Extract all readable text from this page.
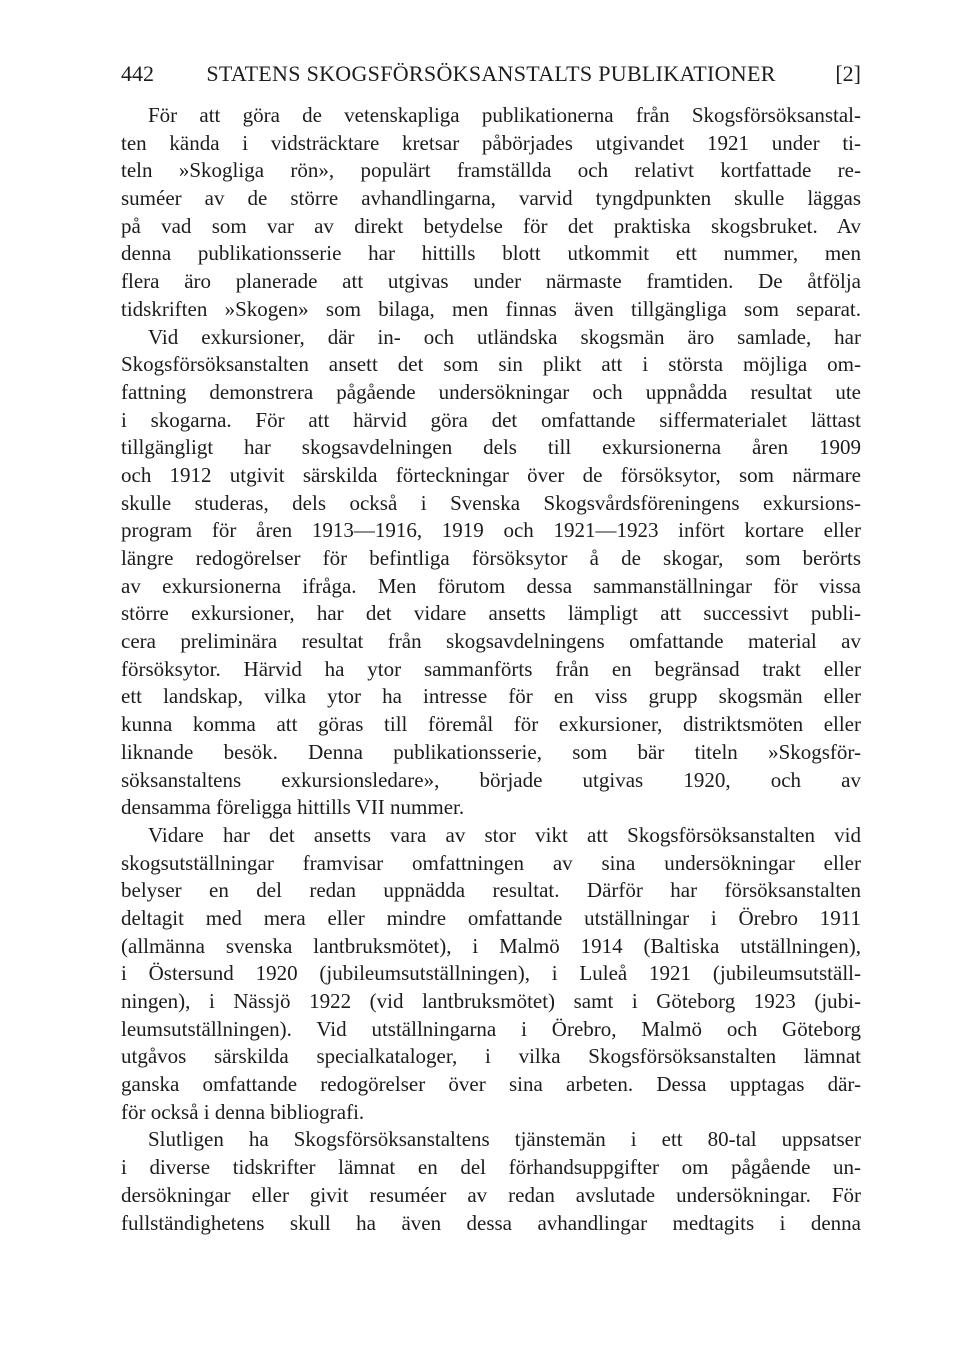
442	STATENS SKOGSFÖRSÖKSANSTALTS PUBLIKATIONER	[2]
För att göra de vetenskapliga publikationerna från Skogsförsöksanstal-
ten kända i vidsträcktare kretsar påbörjades utgivandet 1921 under ti-
teln »Skogliga rön», populärt framställda och relativt kortfattade re-
suméer av de större avhandlingarna, varvid tyngdpunkten skulle läggas
på vad som var av direkt betydelse för det praktiska skogsbruket. Av
denna publikationsserie har hittills blott utkommit ett nummer, men
flera äro planerade att utgivas under närmaste framtiden. De åtfölja
tidskriften »Skogen» som bilaga, men finnas även tillgängliga som separat.
Vid exkursioner, där in- och utländska skogsmän äro samlade, har
Skogsförsöksanstalten ansett det som sin plikt att i största möjliga om-
fattning demonstrera pågående undersökningar och uppnådda resultat ute
i skogarna. För att härvid göra det omfattande siffermaterialet lättast
tillgängligt har skogsavdelningen dels till exkursionerna åren 1909
och 1912 utgivit särskilda förteckningar över de försöksytor, som närmare
skulle studeras, dels också i Svenska Skogsvårdsföreningens exkursions-
program för åren 1913—1916, 1919 och 1921—1923 infört kortare eller
längre redogörelser för befintliga försöksytor å de skogar, som berörts
av exkursionerna ifråga. Men förutom dessa sammanställningar för vissa
större exkursioner, har det vidare ansetts lämpligt att successivt publi-
cera preliminära resultat från skogsavdelningens omfattande material av
försöksytor. Härvid ha ytor sammanförts från en begränsad trakt eller
ett landskap, vilka ytor ha intresse för en viss grupp skogsmän eller
kunna komma att göras till föremål för exkursioner, distriktsmöten eller
liknande besök. Denna publikationsserie, som bär titeln »Skogsför-
söksanstaltens exkursionsledare», började utgivas 1920, och av
densamma föreligga hittills VII nummer.
Vidare har det ansetts vara av stor vikt att Skogsförsöksanstalten vid
skogsutställningar framvisar omfattningen av sina undersökningar eller
belyser en del redan uppnädda resultat. Därför har försöksanstalten
deltagit med mera eller mindre omfattande utställningar i Örebro 1911
(allmänna svenska lantbruksmötet), i Malmö 1914 (Baltiska utställningen),
i Östersund 1920 (jubileumsutställningen), i Luleå 1921 (jubileumsutställ-
ningen), i Nässjö 1922 (vid lantbruksmötet) samt i Göteborg 1923 (jubi-
leumsutställningen). Vid utställningarna i Örebro, Malmö och Göteborg
utgåvos särskilda specialkataloger, i vilka Skogsförsöksanstalten lämnat
ganska omfattande redogörelser över sina arbeten. Dessa upptagas där-
för också i denna bibliografi.
Slutligen ha Skogsförsöksanstaltens tjänstemän i ett 80-tal uppsatser
i diverse tidskrifter lämnat en del förhandsuppgifter om pågående un-
dersökningar eller givit resuméer av redan avslutade undersökningar. För
fullständighetens skull ha även dessa avhandlingar medtagits i denna
